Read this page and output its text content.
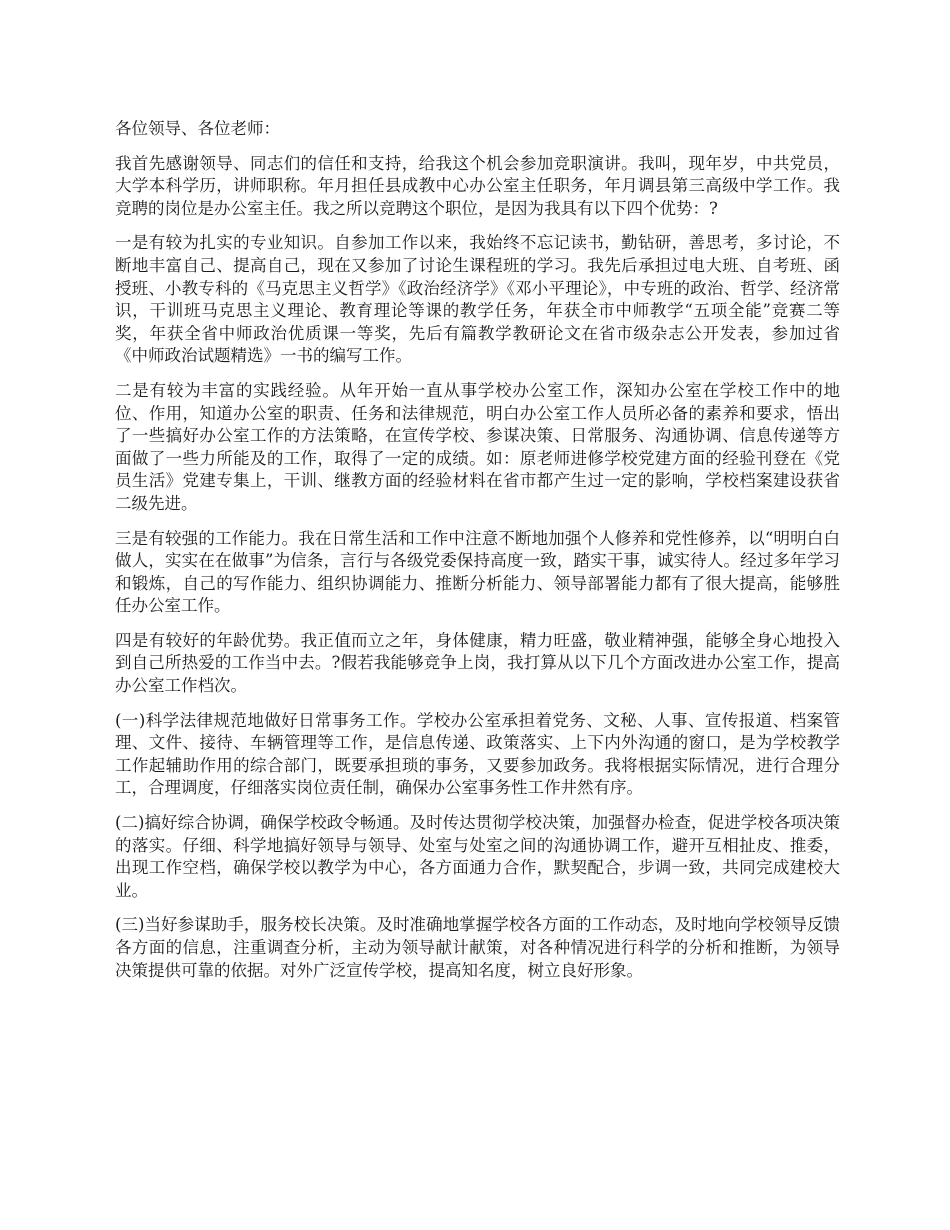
各位领导、各位老师：

我首先感谢领导、同志们的信任和支持，给我这个机会参加竞职演讲。我叫，现年岁，中共党员，大学本科学历，讲师职称。年月担任县成教中心办公室主任职务，年月调县第三高级中学工作。我竞聘的岗位是办公室主任。我之所以竞聘这个职位，是因为我具有以下四个优势：?

一是有较为扎实的专业知识。自参加工作以来，我始终不忘记读书，勤钻研，善思考，多讨论，不断地丰富自己、提高自己，现在又参加了讨论生课程班的学习。我先后承担过电大班、自考班、函授班、小教专科的《马克思主义哲学》《政治经济学》《邓小平理论》，中专班的政治、哲学、经济常识，干训班马克思主义理论、教育理论等课的教学任务，年获全市中师教学“五项全能”竞赛二等奖，年获全省中师政治优质课一等奖，先后有篇教学教研论文在省市级杂志公开发表，参加过省《中师政治试题精选》一书的编写工作。

二是有较为丰富的实践经验。从年开始一直从事学校办公室工作，深知办公室在学校工作中的地位、作用，知道办公室的职责、任务和法律规范，明白办公室工作人员所必备的素养和要求，悟出了一些搞好办公室工作的方法策略，在宣传学校、参谋决策、日常服务、沟通协调、信息传递等方面做了一些力所能及的工作，取得了一定的成绩。如：原老师进修学校党建方面的经验刊登在《党员生活》党建专集上，干训、继教方面的经验材料在省市都产生过一定的影响，学校档案建设获省二级先进。

三是有较强的工作能力。我在日常生活和工作中注意不断地加强个人修养和党性修养，以“明明白白做人，实实在在做事”为信条，言行与各级党委保持高度一致，踏实干事，诚实待人。经过多年学习和锻炼，自己的写作能力、组织协调能力、推断分析能力、领导部署能力都有了很大提高，能够胜任办公室工作。

四是有较好的年龄优势。我正值而立之年，身体健康，精力旺盛，敬业精神强，能够全身心地投入到自己所热爱的工作当中去。?假若我能够竞争上岗，我打算从以下几个方面改进办公室工作，提高办公室工作档次。

(一)科学法律规范地做好日常事务工作。学校办公室承担着党务、文秘、人事、宣传报道、档案管理、文件、接待、车辆管理等工作，是信息传递、政策落实、上下内外沟通的窗口，是为学校教学工作起辅助作用的综合部门，既要承担琐的事务，又要参加政务。我将根据实际情况，进行合理分工，合理调度，仔细落实岗位责任制，确保办公室事务性工作井然有序。

(二)搞好综合协调，确保学校政令畅通。及时传达贯彻学校决策，加强督办检查，促进学校各项决策的落实。仔细、科学地搞好领导与领导、处室与处室之间的沟通协调工作，避开互相扯皮、推委，出现工作空档，确保学校以教学为中心，各方面通力合作，默契配合，步调一致，共同完成建校大业。

(三)当好参谋助手，服务校长决策。及时准确地掌握学校各方面的工作动态，及时地向学校领导反馈各方面的信息，注重调查分析，主动为领导献计献策，对各种情况进行科学的分析和推断，为领导决策提供可靠的依据。对外广泛宣传学校，提高知名度，树立良好形象。
